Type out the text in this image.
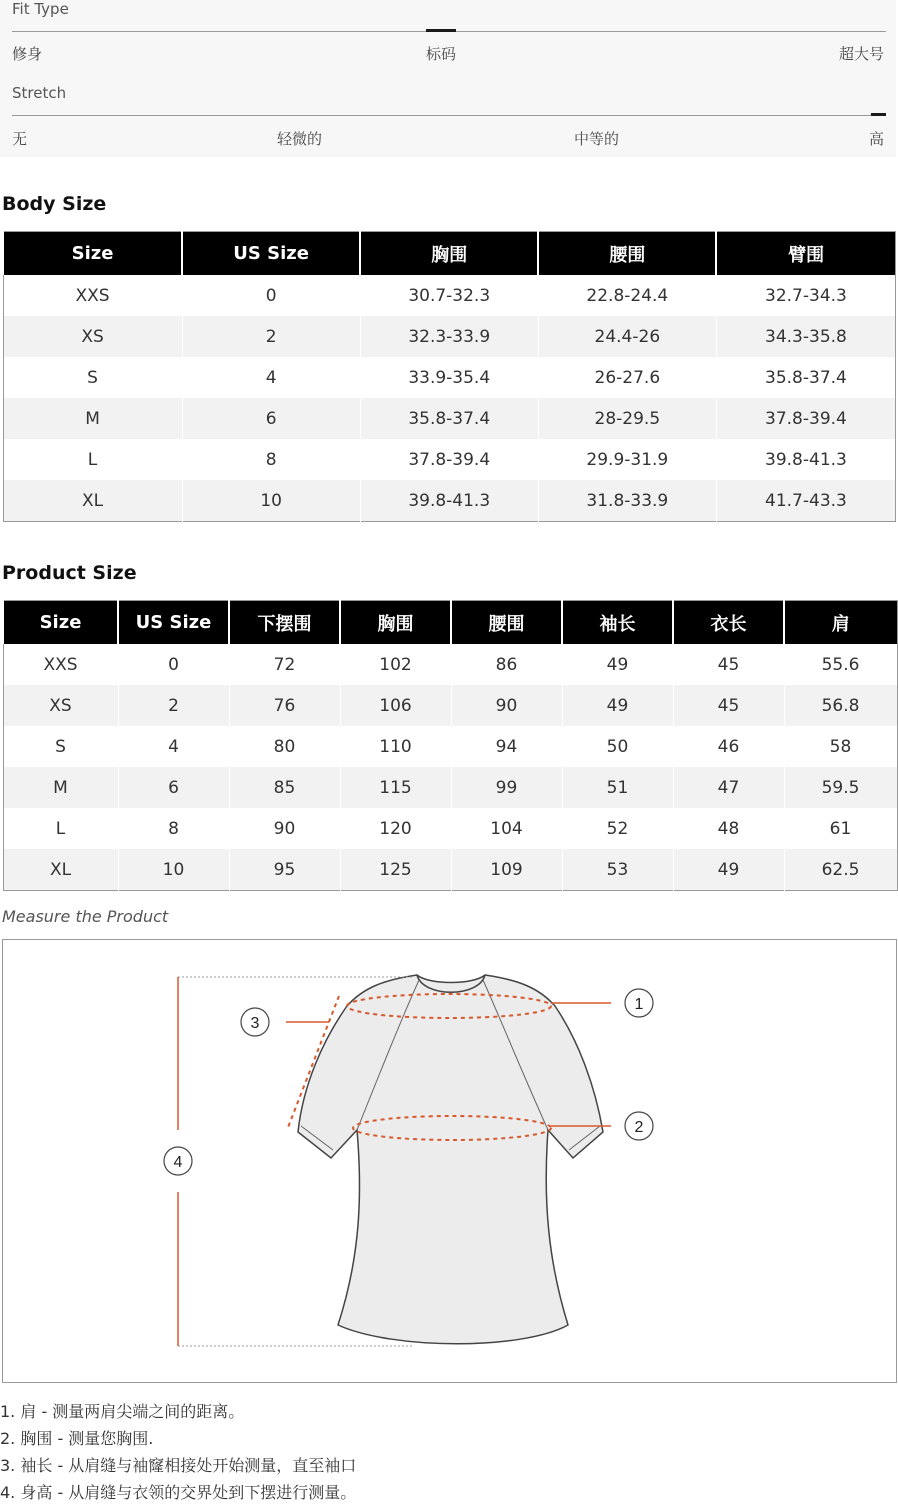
Fit Type
修身	标码	超大号
Stretch
无	轻微的	中等的	高
Body Size
Size	US Size	胸围	腰围	臂围
XXS	0	30.7-32.3	22.8-24.4	32.7-34.3
XS	2	32.3-33.9	24.4-26	34.3-35.8
S	4	33.9-35.4	26-27.6	35.8-37.4
M	6	35.8-37.4	28-29.5	37.8-39.4
L	8	37.8-39.4	29.9-31.9	39.8-41.3
XL	10	39.8-41.3	31.8-33.9	41.7-43.3
Product Size
Size	US Size	下摆围	胸围	腰围	袖长	衣长	肩
XXS	0	72	102	86	49	45	55.6
XS	2	76	106	90	49	45	56.8
S	4	80	110	94	50	46	58
M	6	85	115	99	51	47	59.5
L	8	90	120	104	52	48	61
XL	10	95	125	109	53	49	62.5
Measure the Product
1
2
3
4
1. 肩 - 测量两肩尖端之间的距离。
2. 胸围 - 测量您胸围.
3. 袖长 - 从肩缝与袖窿相接处开始测量，直至袖口
4. 身高 - 从肩缝与衣领的交界处到下摆进行测量。
